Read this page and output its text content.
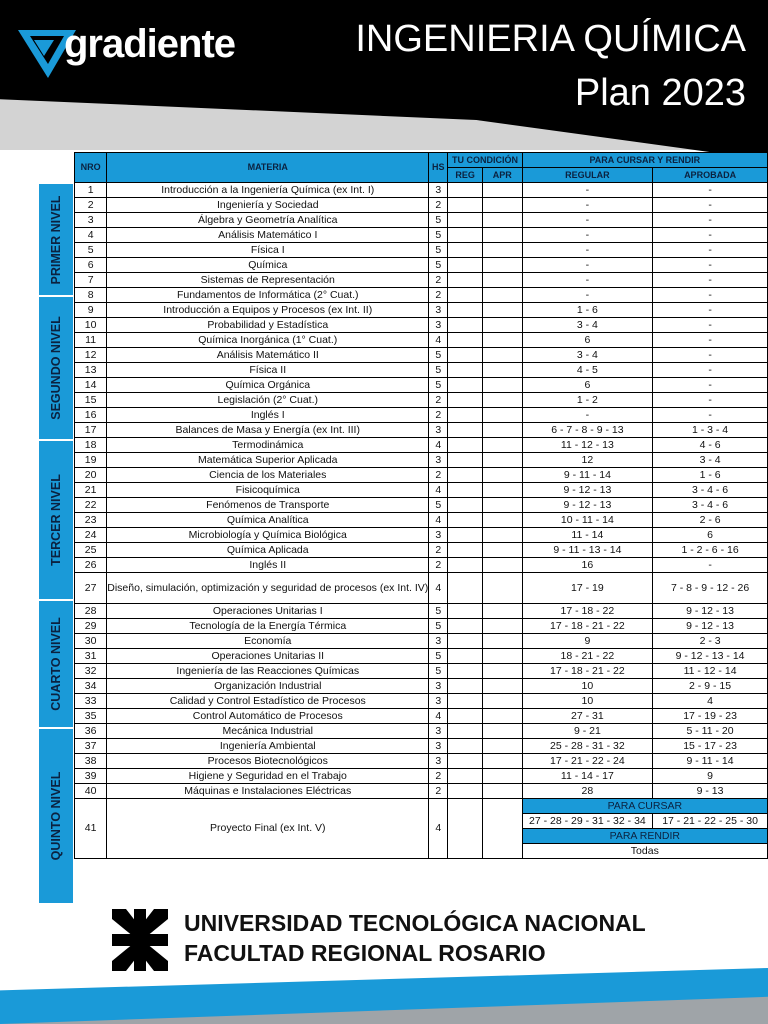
gradiente	INGENIERIA QUÍMICA
Plan 2023
PRIMER NIVEL
SEGUNDO NIVEL
TERCER NIVEL
CUARTO NIVEL
QUINTO NIVEL
NRO	MATERIA	HS	TU CONDICIÓN		PARA CURSAR Y RENDIR	
			REG	APR	REGULAR	APROBADA
1	Introducción a la Ingeniería Química (ex Int. I)	3			-	-
2	Ingeniería y Sociedad	2			-	-
3	Álgebra y Geometría Analítica	5			-	-
4	Análisis Matemático I	5			-	-
5	Física I	5			-	-
6	Química	5			-	-
7	Sistemas de Representación	2			-	-
8	Fundamentos de Informática (2° Cuat.)	2			-	-
9	Introducción a Equipos y Procesos (ex Int. II)	3			1 - 6	-
10	Probabilidad y Estadística	3			3 - 4	-
11	Química Inorgánica (1° Cuat.)	4			6	-
12	Análisis Matemático II	5			3 - 4	-
13	Física II	5			4 - 5	-
14	Química Orgánica	5			6	-
15	Legislación (2° Cuat.)	2			1 - 2	-
16	Inglés I	2			-	-
17	Balances de Masa y Energía (ex Int. III)	3			6 - 7 - 8 - 9 - 13	1 - 3 - 4
18	Termodinámica	4			11 - 12 - 13	4 - 6
19	Matemática Superior Aplicada	3			12	3 - 4
20	Ciencia de los Materiales	2			9 - 11 - 14	1 - 6
21	Fisicoquímica	4			9 - 12 - 13	3 - 4 - 6
22	Fenómenos de Transporte	5			9 - 12 - 13	3 - 4 - 6
23	Química Analítica	4			10 - 11 - 14	2 - 6
24	Microbiología y Química Biológica	3			11 - 14	6
25	Química Aplicada	2			9 - 11 - 13 - 14	1 - 2 - 6 - 16
26	Inglés II	2			16	-
27	Diseño, simulación, optimización y seguridad de procesos (ex Int. IV)	4			17 - 19	7 - 8 - 9 - 12 - 26
28	Operaciones Unitarias I	5			17 - 18 - 22	9 - 12 - 13
29	Tecnología de la Energía Térmica	5			17 - 18 - 21 - 22	9 - 12 - 13
30	Economía	3			9	2 - 3
31	Operaciones Unitarias II	5			18 - 21 - 22	9 - 12 - 13 - 14
32	Ingeniería de las Reacciones Químicas	5			17 - 18 - 21 - 22	11 - 12 - 14
34	Organización Industrial	3			10	2 - 9 - 15
33	Calidad y Control Estadístico de Procesos	3			10	4
35	Control Automático de Procesos	4			27 - 31	17 - 19 - 23
36	Mecánica Industrial	3			9 - 21	5 - 11 - 20
37	Ingeniería Ambiental	3			25 - 28 - 31 - 32	15 - 17 - 23
38	Procesos Biotecnológicos	3			17 - 21 - 22 - 24	9 - 11 - 14
39	Higiene y Seguridad en el Trabajo	2			11 - 14 - 17	9
40	Máquinas e Instalaciones Eléctricas	2			28	9 - 13
41	Proyecto Final (ex Int. V)	4			PARA CURSAR	
					27 - 28 - 29 - 31 - 32 - 34	17 - 21 - 22 - 25 - 30
					PARA RENDIR	
					Todas	
UNIVERSIDAD TECNOLÓGICA NACIONAL
FACULTAD REGIONAL ROSARIO
